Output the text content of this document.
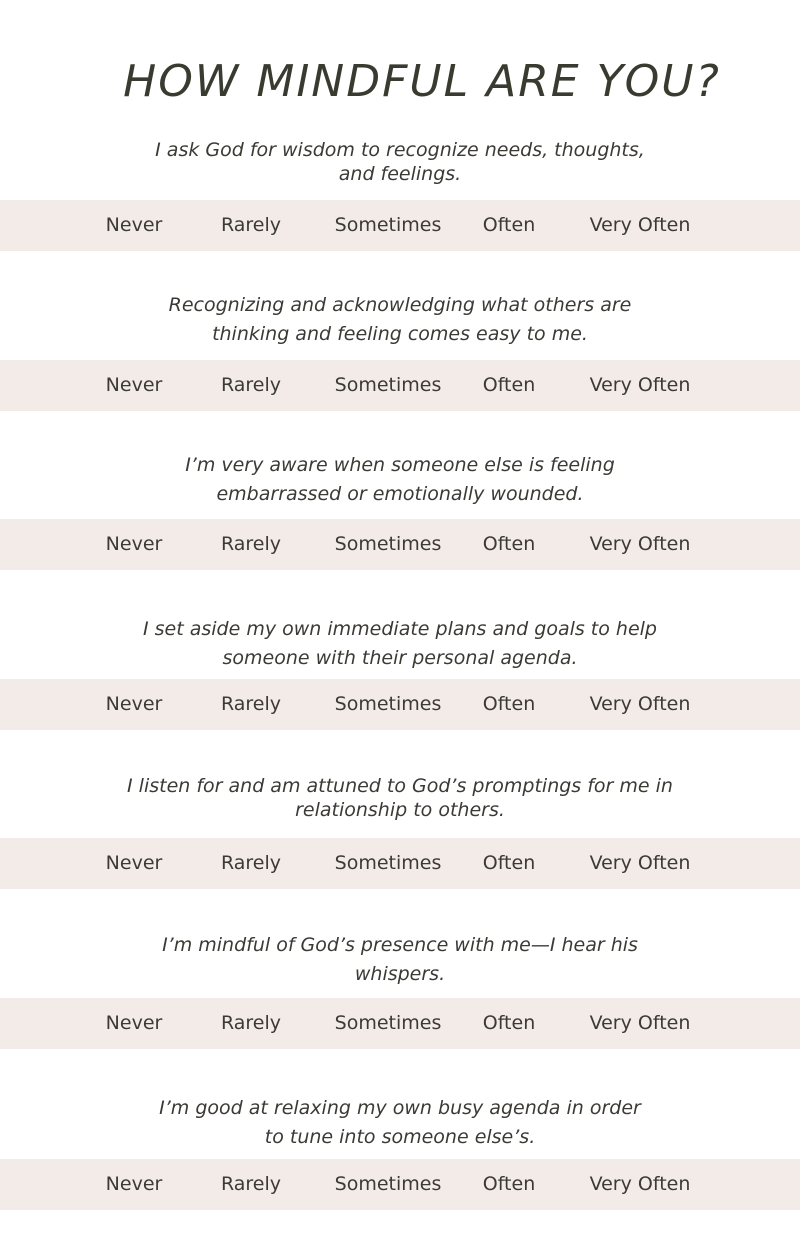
HOW MINDFUL ARE YOU?
I ask God for wisdom to recognize needs, thoughts,
and feelings.
Never	Rarely	Sometimes Often	Very Often
Recognizing and acknowledging what others are
thinking and feeling comes easy to me.
Never	Rarely	Sometimes Often	Very Often
I’m very aware when someone else is feeling
embarrassed or emotionally wounded.
Never	Rarely	Sometimes Often	Very Often
I set aside my own immediate plans and goals to help
someone with their personal agenda.
Never	Rarely	Sometimes Often	Very Often
I listen for and am attuned to God’s promptings for me in
relationship to others.
Never	Rarely	Sometimes Often	Very Often
I’m mindful of God’s presence with me—I hear his
whispers.
Never	Rarely	Sometimes Often	Very Often
I’m good at relaxing my own busy agenda in order
to tune into someone else’s.
Never	Rarely	Sometimes Often	Very Often
